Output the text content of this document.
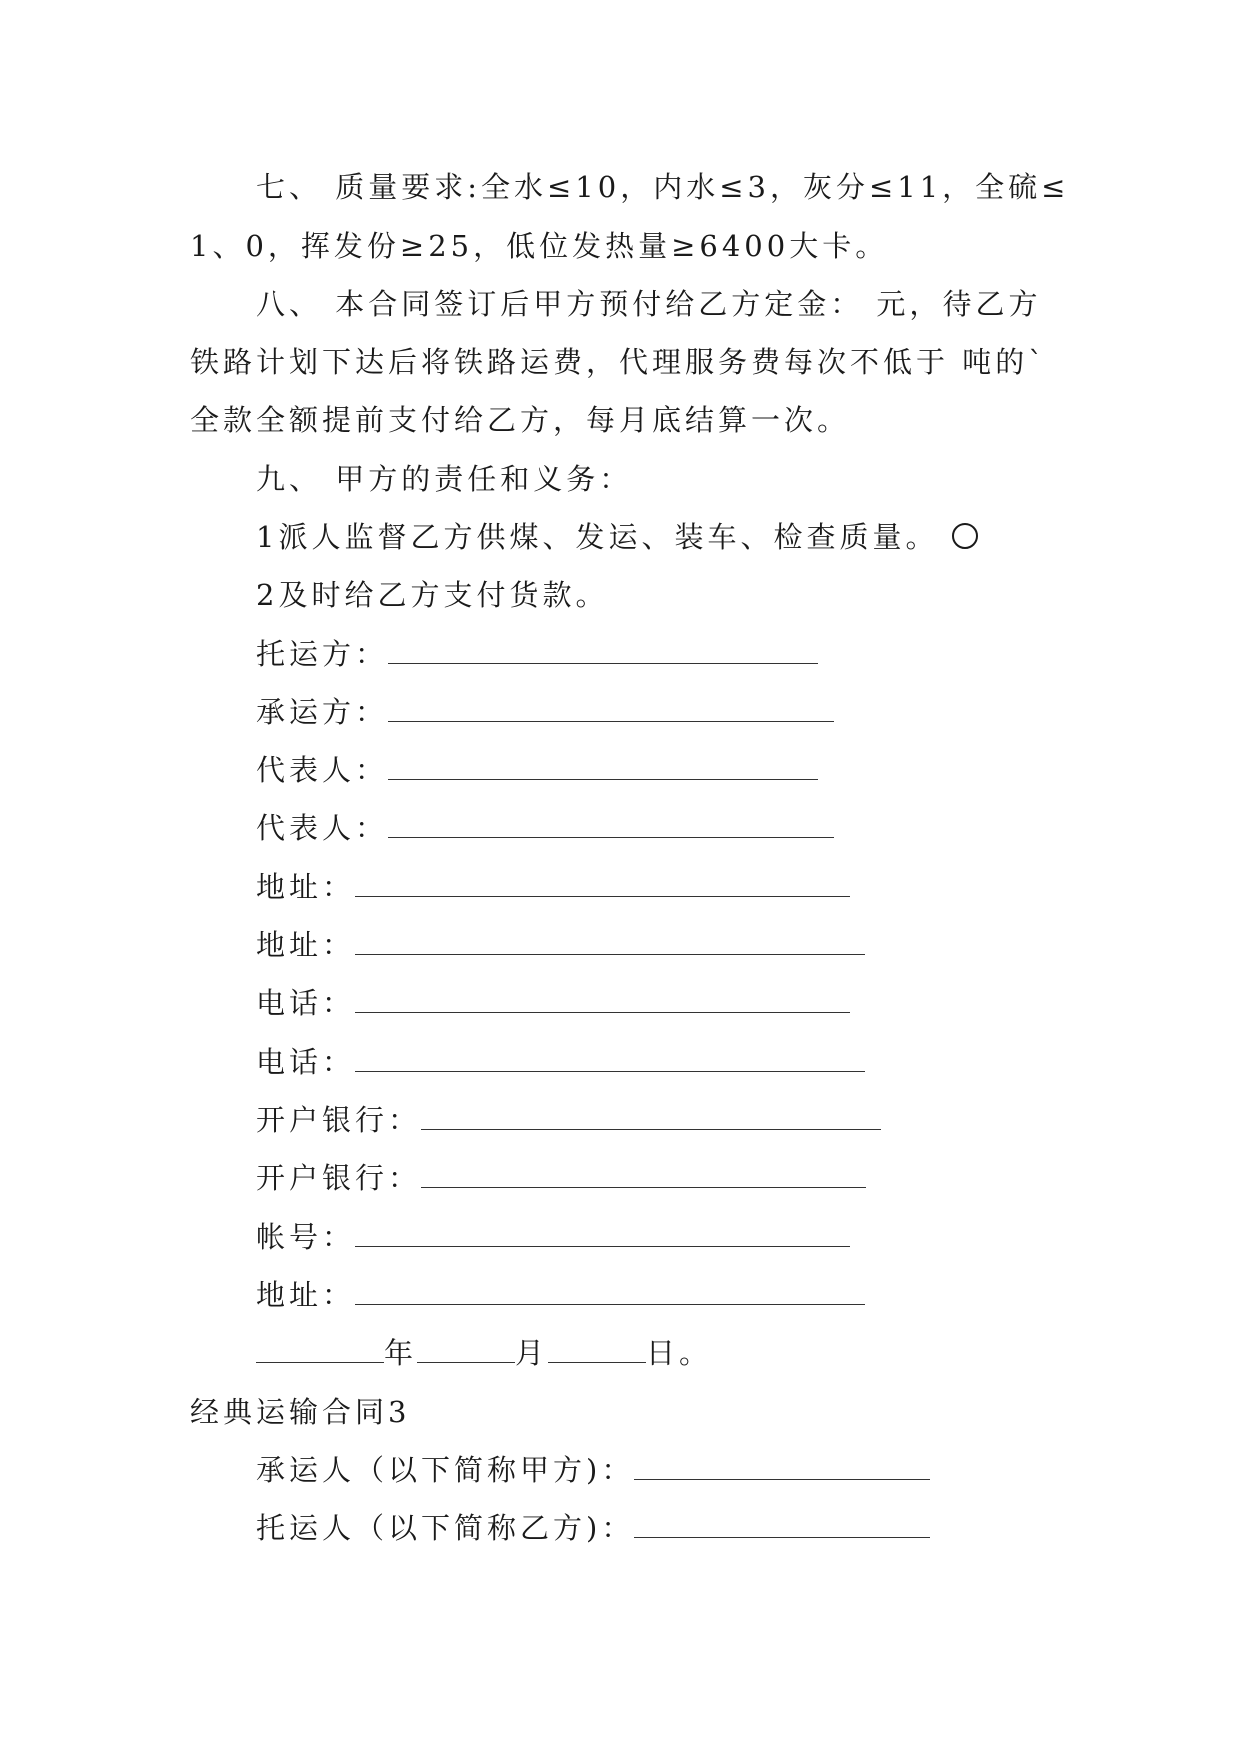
七、 质量要求:全水≤10，内水≤3，灰分≤11，全硫≤
1、0，挥发份≥25，低位发热量≥6400大卡。
八、 本合同签订后甲方预付给乙方定金： 元，待乙方
铁路计划下达后将铁路运费，代理服务费每次不低于 吨的`
全款全额提前支付给乙方，每月底结算一次。
九、 甲方的责任和义务：
1派人监督乙方供煤、发运、装车、检查质量。
2及时给乙方支付货款。
托运方：
承运方：
代表人：
代表人：
地址：
地址：
电话：
电话：
开户银行：
开户银行：
帐号：
地址：
年	月	日。
经典运输合同3
承运人（以下简称甲方)：
托运人（以下简称乙方)：
